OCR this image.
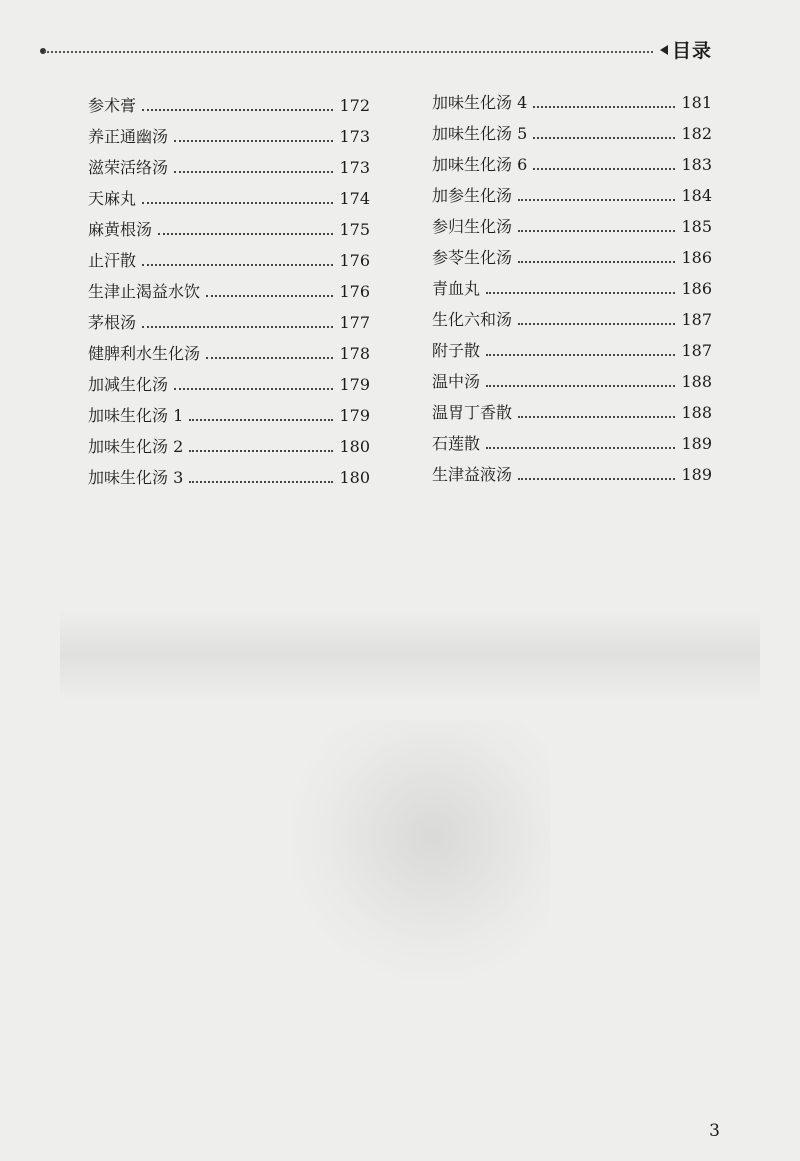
目录
参术膏	172
养正通幽汤	173
滋荣活络汤	173
天麻丸	174
麻黄根汤	175
止汗散	176
生津止渴益水饮	176
茅根汤	177
健脾利水生化汤	178
加减生化汤	179
加味生化汤 1	179
加味生化汤 2	180
加味生化汤 3	180
加味生化汤 4	181
加味生化汤 5	182
加味生化汤 6	183
加参生化汤	184
参归生化汤	185
参苓生化汤	186
青血丸	186
生化六和汤	187
附子散	187
温中汤	188
温胃丁香散	188
石莲散	189
生津益液汤	189
3
